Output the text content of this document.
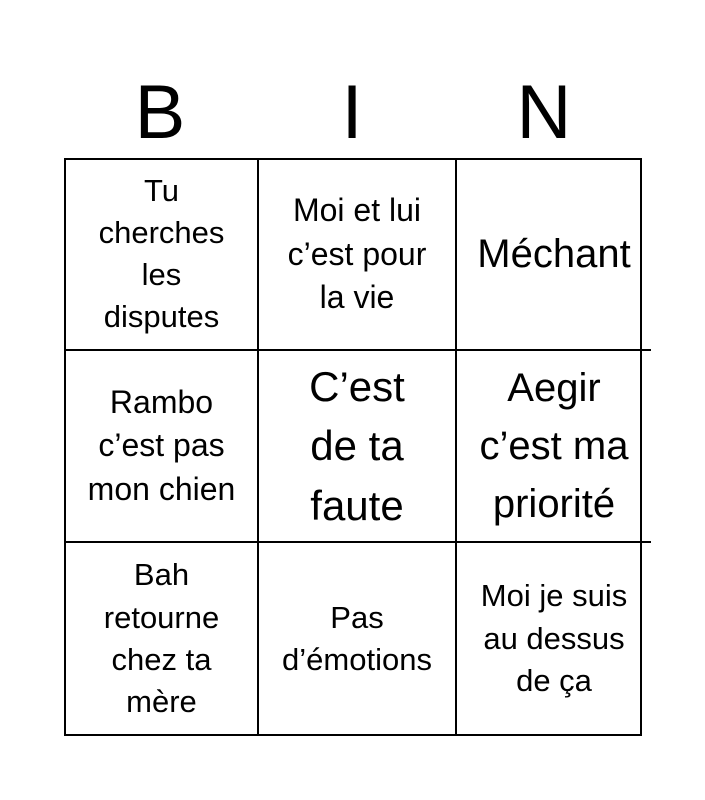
B	I	N
Tu cherches les disputes
Moi et lui c’est pour la vie
Méchant
Rambo c’est pas mon chien
C’est de ta faute
Aegir c’est ma priorité
Bah retourne chez ta mère
Pas d’émotions
Moi je suis au dessus de ça
